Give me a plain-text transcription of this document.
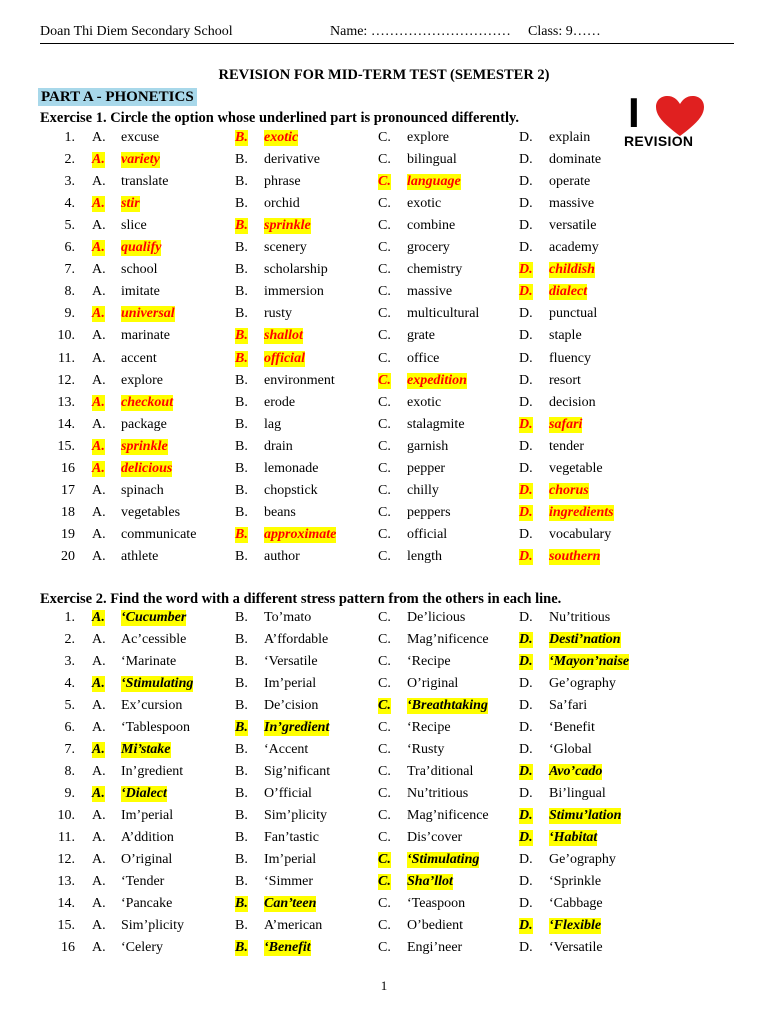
Doan Thi Diem Secondary School	Name: ………………………… Class: 9……
REVISION FOR MID-TERM TEST (SEMESTER 2)
PART A - PHONETICS	I
REVISION
Exercise 1. Circle the option whose underlined part is pronounced differently.
Exercise 2. Find the word with a different stress pattern from the others in each line.
1. A. excuse	B. exotic	C. explore	D. explain
2. A. variety	B. derivative	C. bilingual	D. dominate
3. A. translate	B. phrase	C. language	D. operate
4. A. stir	B. orchid	C. exotic	D. massive
5. A. slice	B. sprinkle	C. combine	D. versatile
6. A. qualify	B. scenery	C. grocery	D. academy
7. A. school	B. scholarship	C. chemistry	D. childish
8. A. imitate	B. immersion	C. massive	D. dialect
9. A. universal	B. rusty	C. multicultural	D. punctual
10. A. marinate	B. shallot	C. grate	D. staple
11. A. accent	B. official	C. office	D. fluency
12. A. explore	B. environment	C. expedition	D. resort
13. A. checkout	B. erode	C. exotic	D. decision
14. A. package	B. lag	C. stalagmite	D. safari
15. A. sprinkle	B. drain	C. garnish	D. tender
16 A. delicious	B. lemonade	C. pepper	D. vegetable
17 A. spinach	B. chopstick	C. chilly	D. chorus
18 A. vegetables	B. beans	C. peppers	D. ingredients
19 A. communicate	B. approximate	C. official	D. vocabulary
20 A. athlete	B. author	C. length	D. southern
1. A. ‘Cucumber	B. To’mato	C. De’licious	D. Nu’tritious
2. A. Ac’cessible	B. A’ffordable	C. Mag’nificence D. Desti’nation
3. A. ‘Marinate	B. ‘Versatile	C. ‘Recipe	D. ‘Mayon’naise
4. A. ‘Stimulating	B. Im’perial	C. O’riginal	D. Ge’ography
5. A. Ex’cursion	B. De’cision	C. ‘Breathtaking D. Sa’fari
6. A. ‘Tablespoon	B. In’gredient	C. ‘Recipe	D. ‘Benefit
7. A. Mi’stake	B. ‘Accent	C. ‘Rusty	D. ‘Global
8. A. In’gredient	B. Sig’nificant	C. Tra’ditional	D. Avo’cado
9. A. ‘Dialect	B. O’fficial	C. Nu’tritious	D. Bi’lingual
10. A. Im’perial	B. Sim’plicity	C. Mag’nificence D. Stimu’lation
11. A. A’ddition	B. Fan’tastic	C. Dis’cover	D. ‘Habitat
12. A. O’riginal	B. Im’perial	C. ‘Stimulating	D. Ge’ography
13. A. ‘Tender	B. ‘Simmer	C. Sha’llot	D. ‘Sprinkle
14. A. ‘Pancake	B. Can’teen	C. ‘Teaspoon	D. ‘Cabbage
15. A. Sim’plicity	B. A’merican	C. O’bedient	D. ‘Flexible
16 A. ‘Celery	B. ‘Benefit	C. Engi’neer	D. ‘Versatile
1
